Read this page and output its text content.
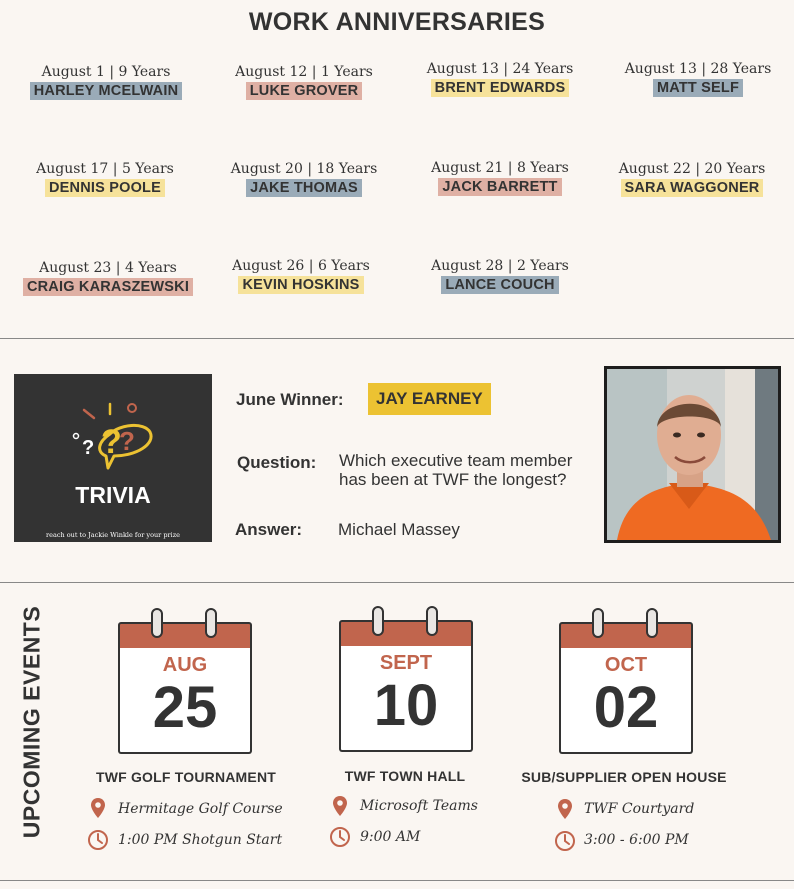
WORK ANNIVERSARIES
August 1 | 9 Years
HARLEY MCELWAIN
August 12 | 1 Years
LUKE GROVER
August 13 | 24 Years
BRENT EDWARDS
August 13 | 28 Years
MATT SELF
August 17 | 5 Years
DENNIS POOLE
August 20 | 18 Years
JAKE THOMAS
August 21 | 8 Years
JACK BARRETT
August 22 | 20 Years
SARA WAGGONER
August 23 | 4 Years
CRAIG KARASZEWSKI
August 26 | 6 Years
KEVIN HOSKINS
August 28 | 2 Years
LANCE COUCH
?
?
?
TRIVIA
reach out to Jackie Winkle for your prize
June Winner:	JAY EARNEY
Question: Which executive team member
has been at TWF the longest?
Answer: Michael Massey
UPCOMING EVENTS	AUG
25
TWF GOLF TOURNAMENT
Hermitage Golf Course
1:00 PM Shotgun Start
SEPT
10
TWF TOWN HALL
Microsoft Teams
9:00 AM
OCT
02
SUB/SUPPLIER OPEN HOUSE
TWF Courtyard
3:00 - 6:00 PM
